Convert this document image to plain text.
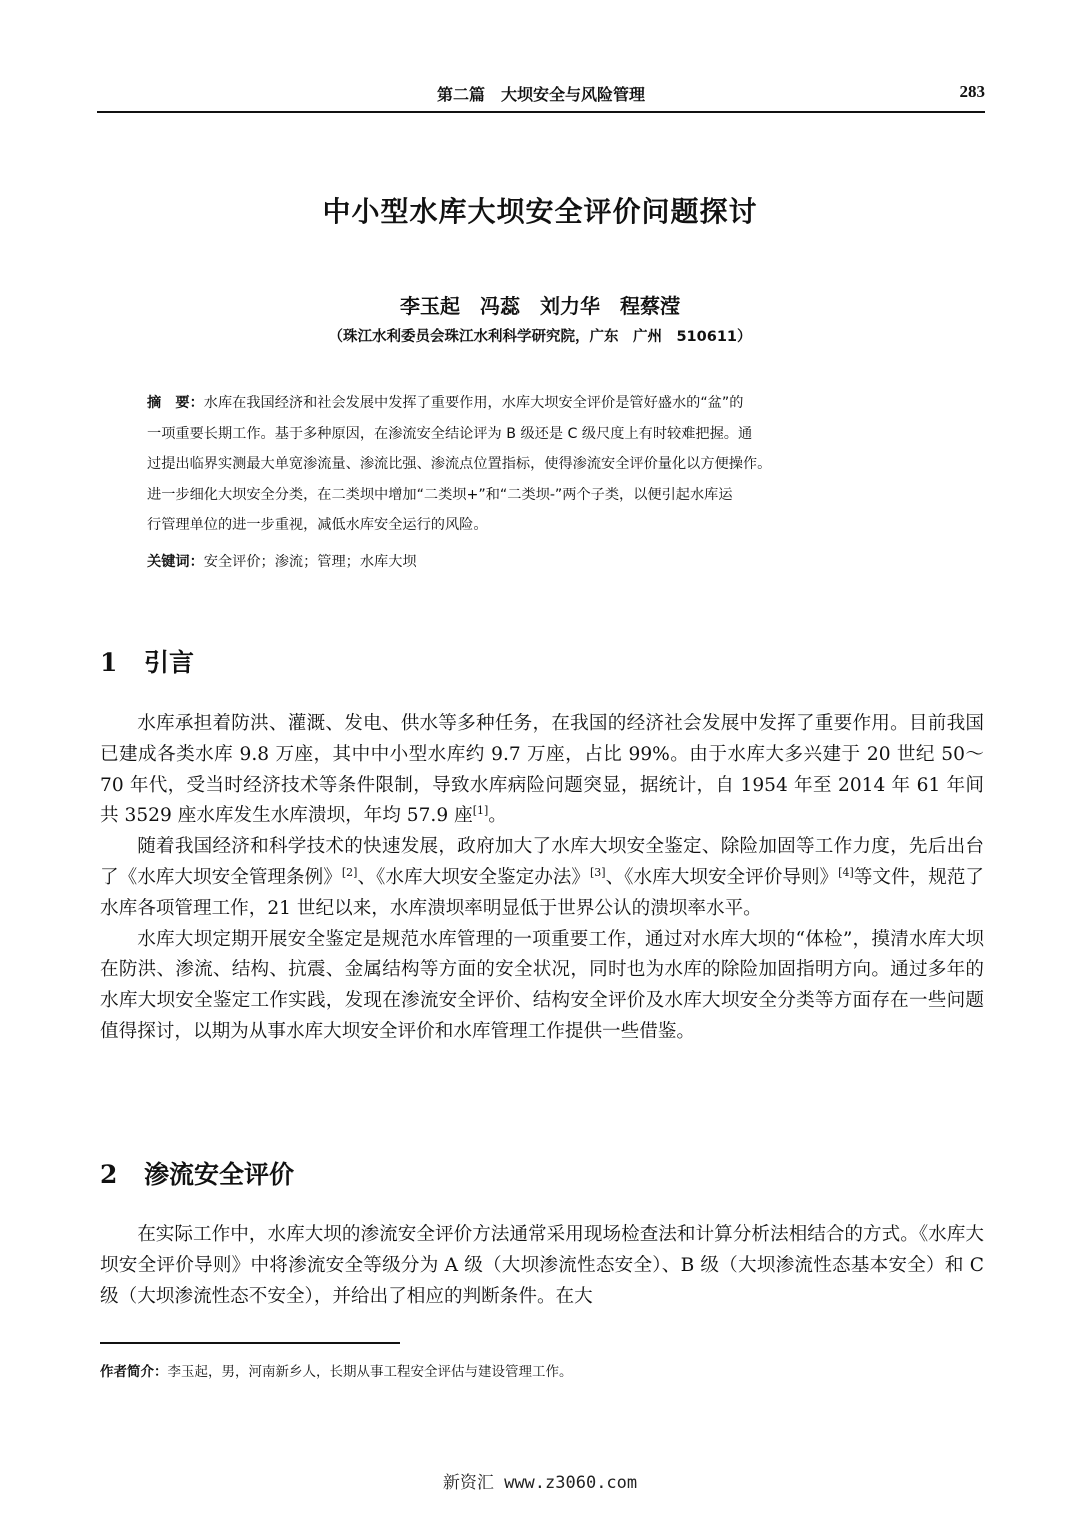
第二篇　大坝安全与风险管理	283
中小型水库大坝安全评价问题探讨
李玉起　冯蕊　刘力华　程蔡滢
（珠江水利委员会珠江水利科学研究院，广东　广州　510611）
摘　要：水库在我国经济和社会发展中发挥了重要作用，水库大坝安全评价是管好盛水的“盆”的
一项重要长期工作。基于多种原因，在渗流安全结论评为 B 级还是 C 级尺度上有时较难把握。通
过提出临界实测最大单宽渗流量、渗流比强、渗流点位置指标，使得渗流安全评价量化以方便操作。
进一步细化大坝安全分类，在二类坝中增加“二类坝+”和“二类坝-”两个子类，以便引起水库运
行管理单位的进一步重视，减低水库安全运行的风险。
关键词：安全评价；渗流；管理；水库大坝
1 引言

水库承担着防洪、灌溉、发电、供水等多种任务，在我国的经济社会发展中发挥了重要作用。目前我国已建成各类水库 9.8 万座，其中中小型水库约 9.7 万座，占比 99%。由于水库大多兴建于 20 世纪 50～70 年代，受当时经济技术等条件限制，导致水库病险问题突显，据统计，自 1954 年至 2014 年 61 年间共 3529 座水库发生水库溃坝，年均 57.9 座[1]。

随着我国经济和科学技术的快速发展，政府加大了水库大坝安全鉴定、除险加固等工作力度，先后出台了《水库大坝安全管理条例》[2]、《水库大坝安全鉴定办法》[3]、《水库大坝安全评价导则》[4]等文件，规范了水库各项管理工作，21 世纪以来，水库溃坝率明显低于世界公认的溃坝率水平。

水库大坝定期开展安全鉴定是规范水库管理的一项重要工作，通过对水库大坝的“体检”，摸清水库大坝在防洪、渗流、结构、抗震、金属结构等方面的安全状况，同时也为水库的除险加固指明方向。通过多年的水库大坝安全鉴定工作实践，发现在渗流安全评价、结构安全评价及水库大坝安全分类等方面存在一些问题值得探讨，以期为从事水库大坝安全评价和水库管理工作提供一些借鉴。

2 渗流安全评价

在实际工作中，水库大坝的渗流安全评价方法通常采用现场检查法和计算分析法相结合的方式。《水库大坝安全评价导则》中将渗流安全等级分为 A 级（大坝渗流性态安全）、B 级（大坝渗流性态基本安全）和 C 级（大坝渗流性态不安全），并给出了相应的判断条件。在大

作者简介：李玉起，男，河南新乡人，长期从事工程安全评估与建设管理工作。
新资汇 www.z3060.com
